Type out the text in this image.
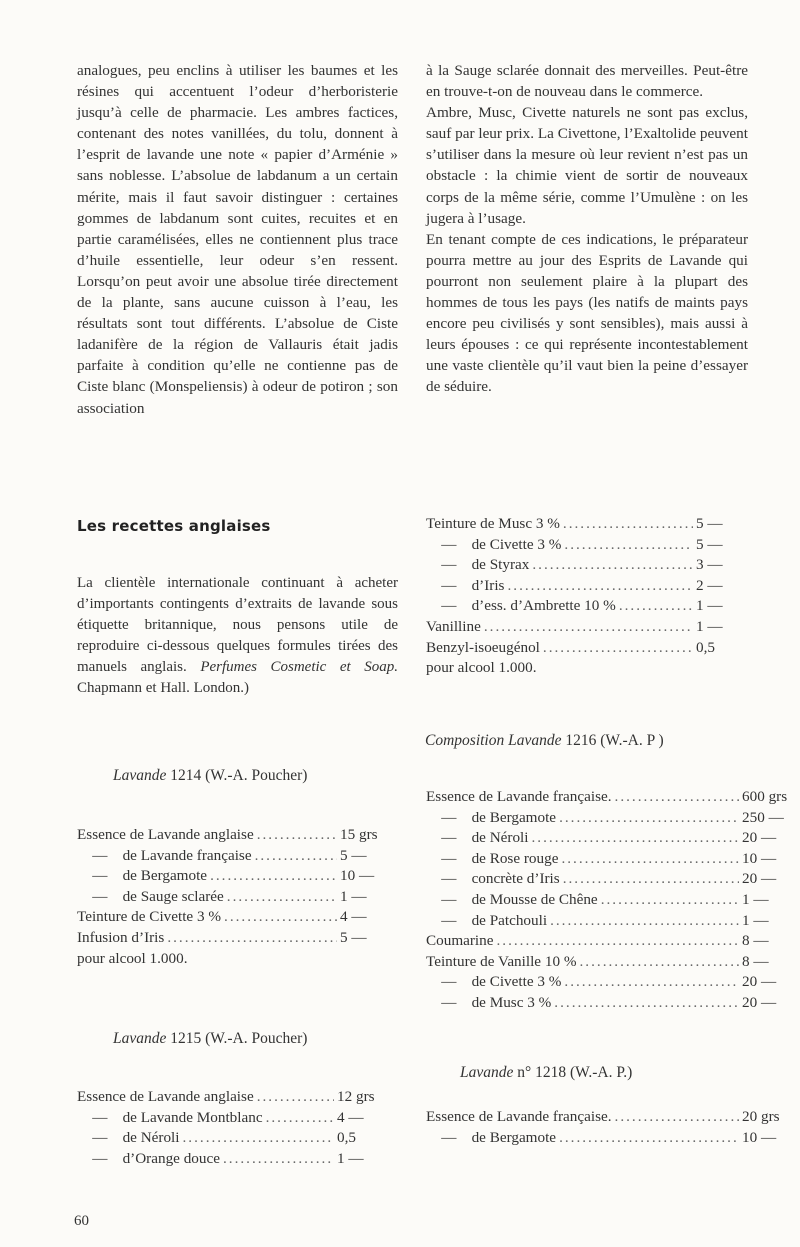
analogues, peu enclins à utiliser les baumes et les résines qui accentuent l’odeur d’herboristerie jusqu’à celle de pharmacie. Les ambres factices, contenant des notes vanillées, du tolu, donnent à l’esprit de lavande une note « papier d’Arménie » sans noblesse. L’absolue de labdanum a un certain mérite, mais il faut savoir distinguer : certaines gommes de labdanum sont cuites, recuites et en partie caramélisées, elles ne contiennent plus trace d’huile essentielle, leur odeur s’en ressent. Lorsqu’on peut avoir une absolue tirée directement de la plante, sans aucune cuisson à l’eau, les résultats sont tout différents. L’absolue de Ciste ladanifère de la région de Vallauris était jadis parfaite à condition qu’elle ne contienne pas de Ciste blanc (Monspeliensis) à odeur de potiron ; son association

à la Sauge sclarée donnait des merveilles. Peut-être en trouve-t-on de nouveau dans le commerce.

Ambre, Musc, Civette naturels ne sont pas exclus, sauf par leur prix. La Civettone, l’Exaltolide peuvent s’utiliser dans la mesure où leur revient n’est pas un obstacle : la chimie vient de sortir de nouveaux corps de la même série, comme l’Umulène : on les jugera à l’usage.

En tenant compte de ces indications, le préparateur pourra mettre au jour des Esprits de Lavande qui pourront non seulement plaire à la plupart des hommes de tous les pays (les natifs de maints pays encore peu civilisés y sont sensibles), mais aussi à leurs épouses : ce qui représente incontestablement une vaste clientèle qu’il vaut bien la peine d’essayer de séduire.

Les recettes anglaises

La clientèle internationale continuant à acheter d’importants contingents d’extraits de lavande sous étiquette britannique, nous pensons utile de reproduire ci-dessous quelques formules tirées des manuels anglais. Perfumes Cosmetic et Soap. Chapmann et Hall. London.)

Lavande 1214 (W.-A. Poucher)

Essence de Lavande anglaise .....	15 grs
—    de Lavande française .....	5 —
—    de Bergamote .....	10 —
—    de Sauge sclarée .....	1 —
Teinture de Civette 3 % .....	4 —
Infusion d’Iris .....	5 —
pour alcool 1.000.

Lavande 1215 (W.-A. Poucher)

Essence de Lavande anglaise .....	12 grs
—    de Lavande Montblanc .....	4 —
—    de Néroli .....	0,5
—    d’Orange douce .....	1 —
Teinture de Musc 3 % .....	5 —
—    de Civette 3 % .....	5 —
—    de Styrax .....	3 —
—    d’Iris .....	2 —
—    d’ess. d’Ambrette 10 % .....	1 —
Vanilline .....	1 —
Benzyl-isoeugénol .....	0,5
pour alcool 1.000.

Composition Lavande 1216 (W.-A. P )

Essence de Lavande française. .....	600 grs
—    de Bergamote .....	250 —
—    de Néroli .....	20 —
—    de Rose rouge .....	10 —
—    concrète d’Iris .....	20 —
—    de Mousse de Chêne .....	1 —
—    de Patchouli .....	1 —
Coumarine .....	8 —
Teinture de Vanille 10 % .....	8 —
—    de Civette 3 % .....	20 —
—    de Musc 3 % .....	20 —

Lavande n° 1218 (W.-A. P.)

Essence de Lavande française. .....	20 grs
—    de Bergamote .....	10 —

60
